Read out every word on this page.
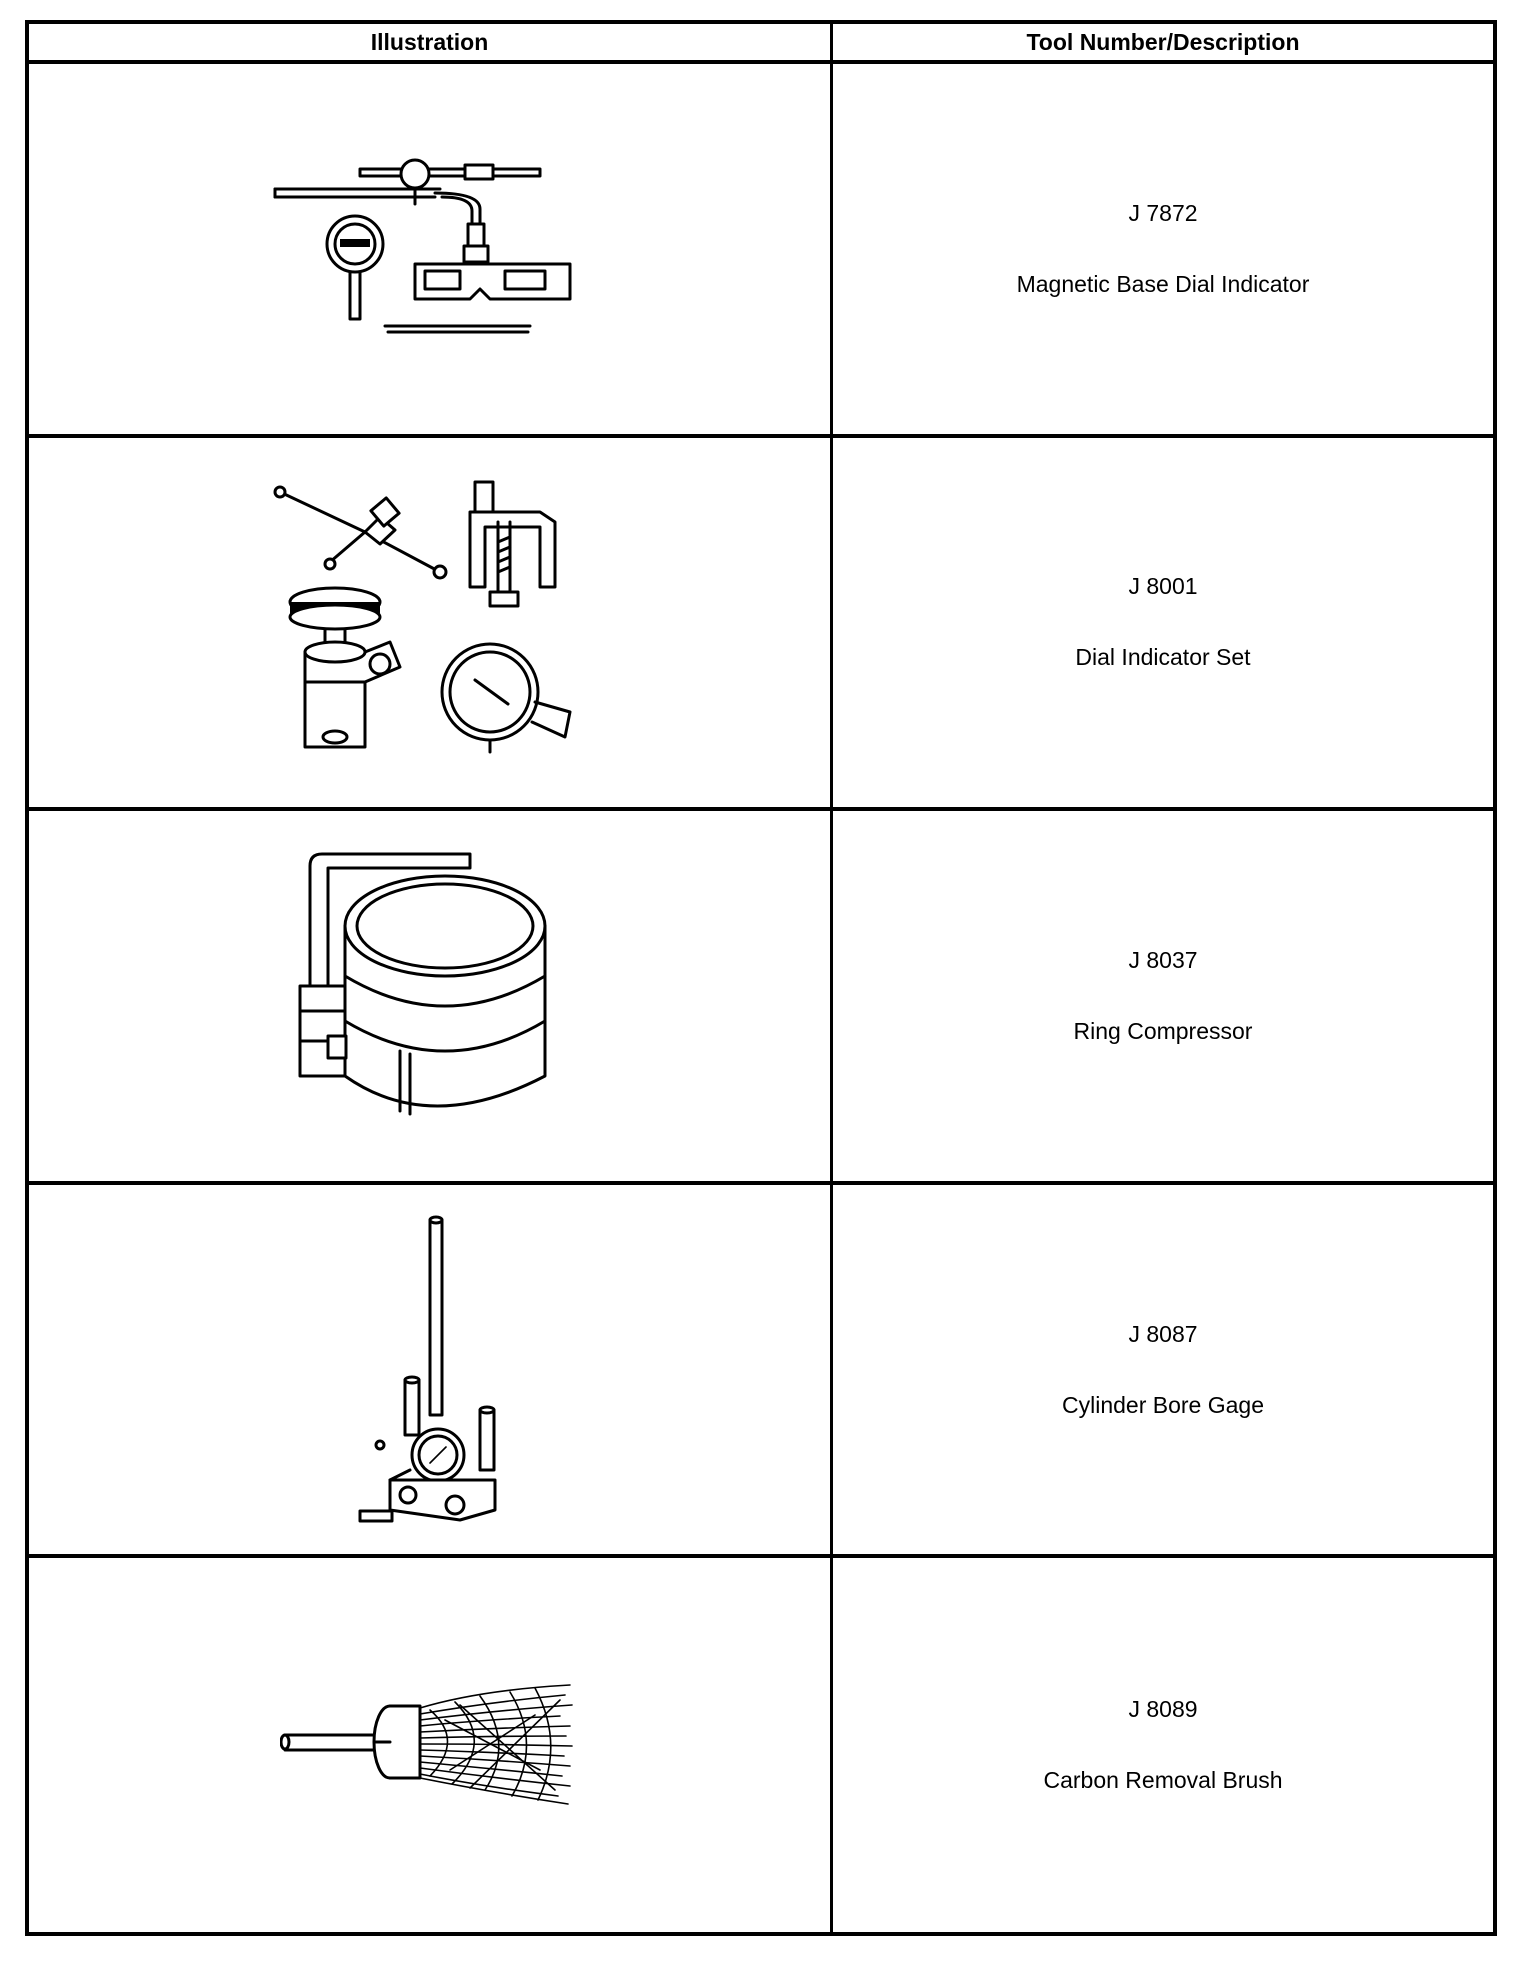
Illustration	Tool Number/Description
J 7872
Magnetic Base Dial Indicator
J 8001
Dial Indicator Set
J 8037
Ring Compressor
J 8087
Cylinder Bore Gage
J 8089
Carbon Removal Brush
